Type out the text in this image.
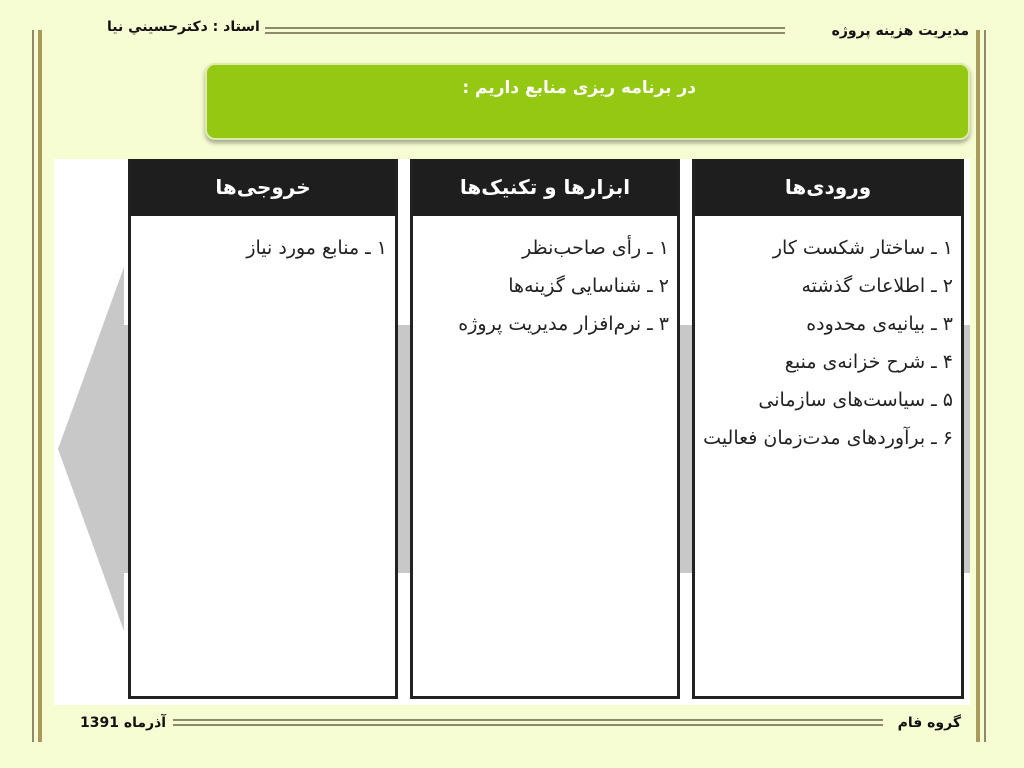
استاد : دکترحسيني نيا	مدیریت هزینه پروژه
در برنامه ریزی منابع داریم :
ورودی‌ها
۱ ـ ساختار شکست کار
۲ ـ اطلاعات گذشته
۳ ـ بیانیه‌ی محدوده
۴ ـ شرح خزانه‌ی منبع
۵ ـ سیاست‌های سازمانی
۶ ـ برآوردهای مدت‌زمان فعالیت
ابزارها و تکنیک‌ها
۱ ـ رأی صاحب‌نظر
۲ ـ شناسایی گزینه‌ها
۳ ـ نرم‌افزار مدیریت پروژه
خروجی‌ها
۱ ـ منابع مورد نیاز
آذرماه 1391	گروه فام
